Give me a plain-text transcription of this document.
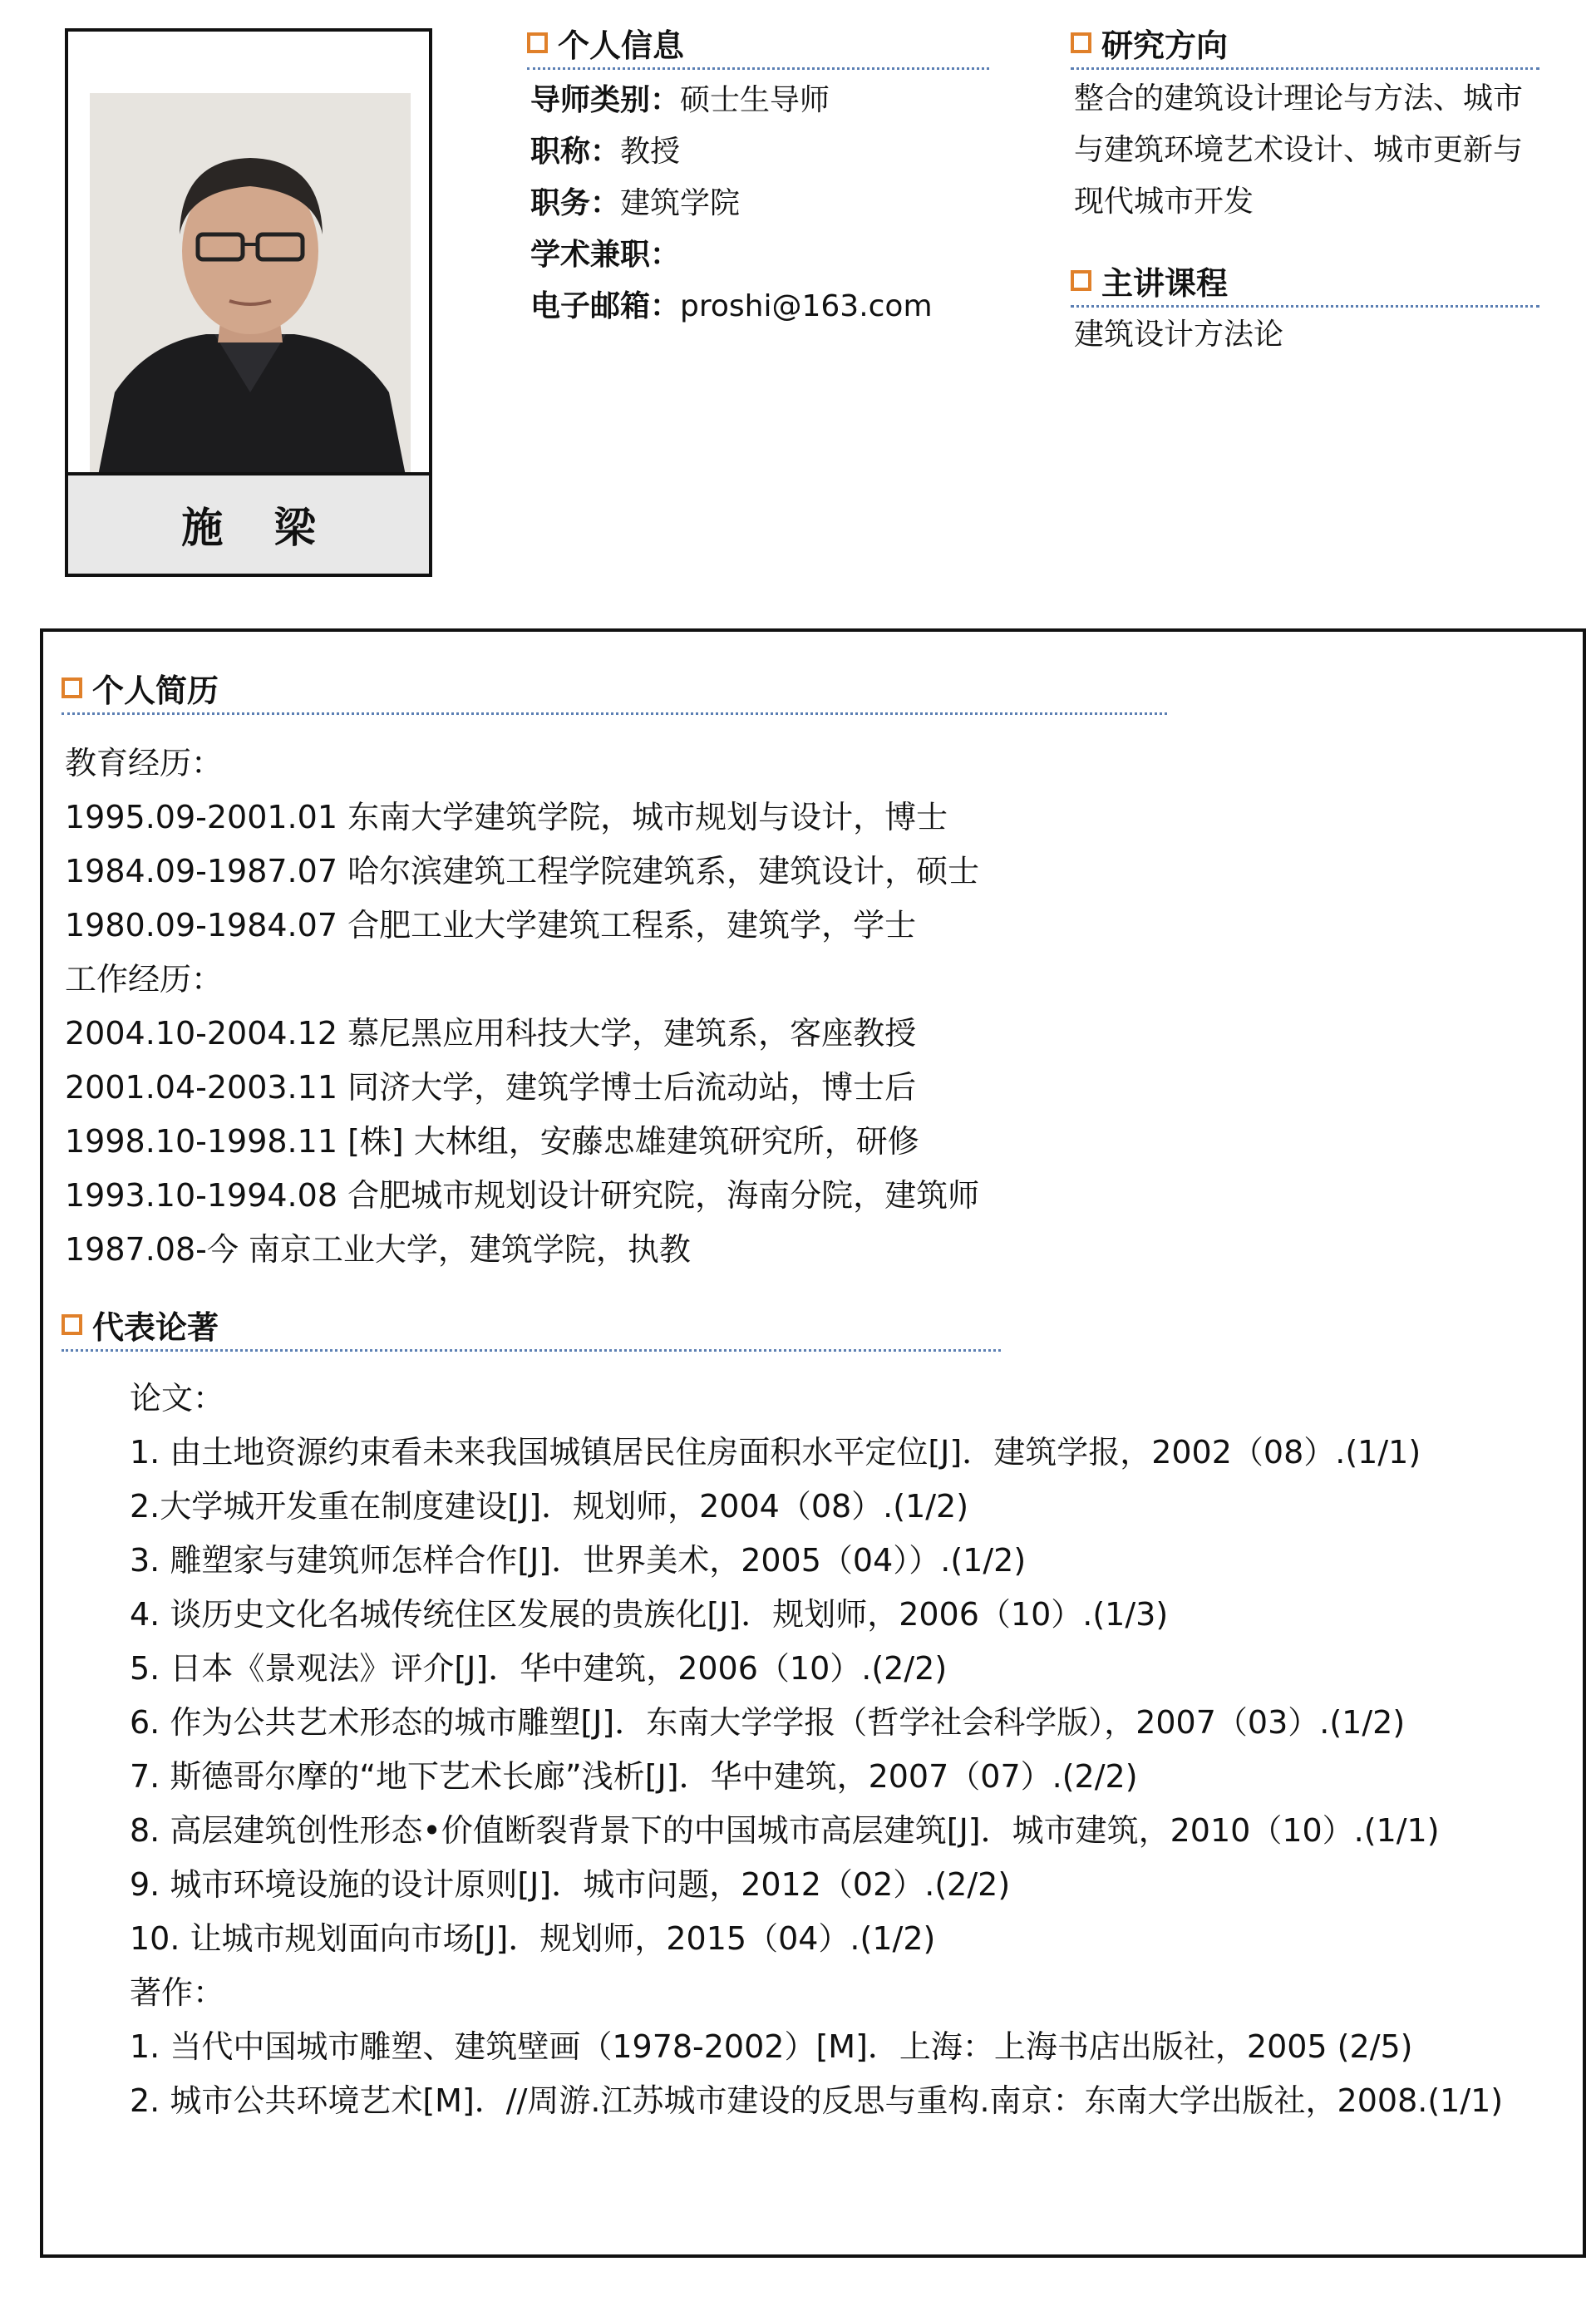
施 梁
个人信息
导师类别：硕士生导师
职称：教授
职务：建筑学院
学术兼职：
电子邮箱：proshi@163.com
研究方向
整合的建筑设计理论与方法、城市
与建筑环境艺术设计、城市更新与
现代城市开发
主讲课程
建筑设计方法论
个人简历
教育经历：
1995.09-2001.01 东南大学建筑学院，城市规划与设计，博士
1984.09-1987.07 哈尔滨建筑工程学院建筑系，建筑设计，硕士
1980.09-1984.07 合肥工业大学建筑工程系，建筑学，学士
工作经历：
2004.10-2004.12 慕尼黑应用科技大学，建筑系，客座教授
2001.04-2003.11 同济大学，建筑学博士后流动站，博士后
1998.10-1998.11 [株] 大林组，安藤忠雄建筑研究所，研修
1993.10-1994.08 合肥城市规划设计研究院，海南分院，建筑师
1987.08-今 南京工业大学，建筑学院，执教
代表论著
论文：
1. 由土地资源约束看未来我国城镇居民住房面积水平定位[J]．建筑学报，2002（08）.(1/1)
2.大学城开发重在制度建设[J]．规划师，2004（08）.(1/2)
3. 雕塑家与建筑师怎样合作[J]．世界美术，2005（04））.(1/2)
4. 谈历史文化名城传统住区发展的贵族化[J]．规划师，2006（10）.(1/3)
5. 日本《景观法》评介[J]．华中建筑，2006（10）.(2/2)
6. 作为公共艺术形态的城市雕塑[J]．东南大学学报（哲学社会科学版），2007（03）.(1/2)
7. 斯德哥尔摩的“地下艺术长廊”浅析[J]．华中建筑，2007（07）.(2/2)
8. 高层建筑创性形态•价值断裂背景下的中国城市高层建筑[J]．城市建筑，2010（10）.(1/1)
9. 城市环境设施的设计原则[J]．城市问题，2012（02）.(2/2)
10. 让城市规划面向市场[J]．规划师，2015（04）.(1/2)
著作：
1. 当代中国城市雕塑、建筑壁画（1978-2002）[M]．上海：上海书店出版社，2005 (2/5)
2. 城市公共环境艺术[M]．//周游.江苏城市建设的反思与重构.南京：东南大学出版社，2008.(1/1)
